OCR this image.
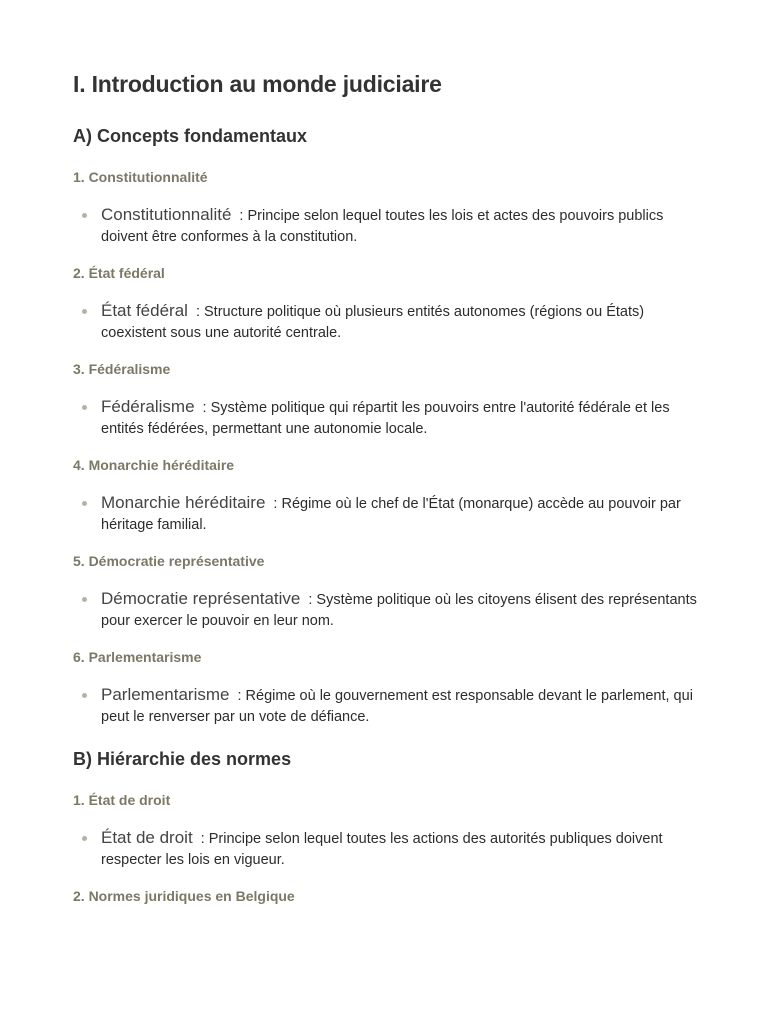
I. Introduction au monde judiciaire
A) Concepts fondamentaux
1. Constitutionnalité
Constitutionnalité : Principe selon lequel toutes les lois et actes des pouvoirs publics doivent être conformes à la constitution.
2. État fédéral
État fédéral : Structure politique où plusieurs entités autonomes (régions ou États) coexistent sous une autorité centrale.
3. Fédéralisme
Fédéralisme : Système politique qui répartit les pouvoirs entre l'autorité fédérale et les entités fédérées, permettant une autonomie locale.
4. Monarchie héréditaire
Monarchie héréditaire : Régime où le chef de l'État (monarque) accède au pouvoir par héritage familial.
5. Démocratie représentative
Démocratie représentative : Système politique où les citoyens élisent des représentants pour exercer le pouvoir en leur nom.
6. Parlementarisme
Parlementarisme : Régime où le gouvernement est responsable devant le parlement, qui peut le renverser par un vote de défiance.
B) Hiérarchie des normes
1. État de droit
État de droit : Principe selon lequel toutes les actions des autorités publiques doivent respecter les lois en vigueur.
2. Normes juridiques en Belgique
